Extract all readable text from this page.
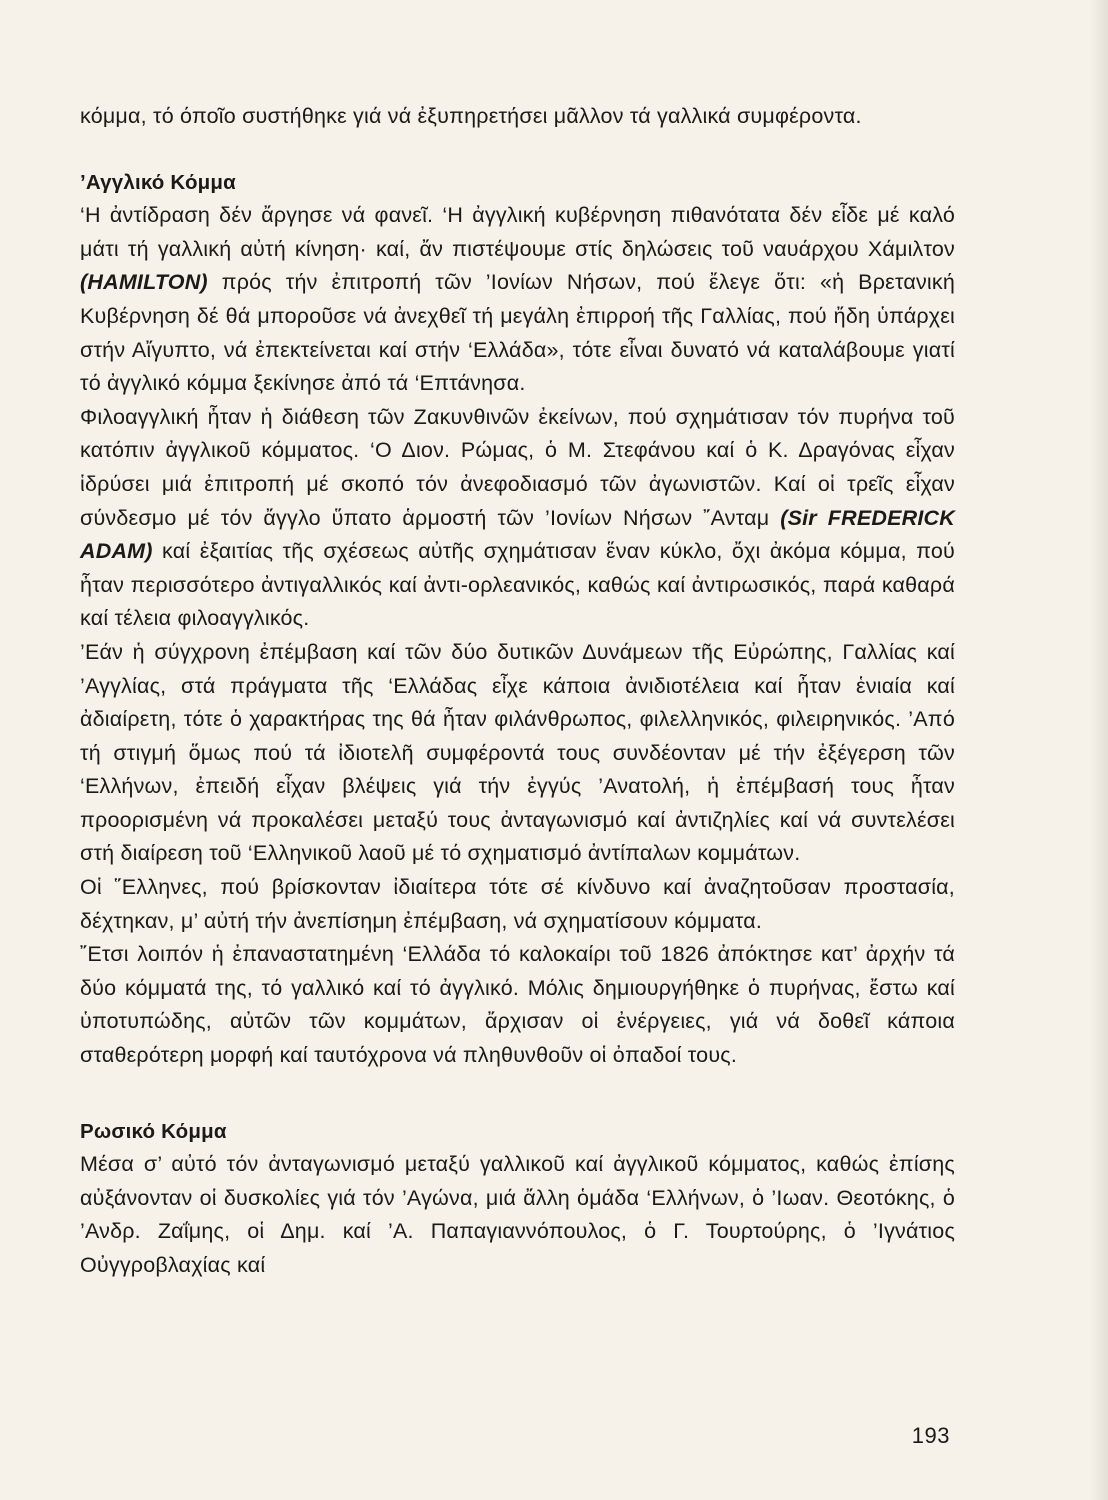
κόμμα, τό όποῖο συστήθηκε γιά νά ἐξυπηρετήσει μᾶλλον τά γαλλικά συμφέροντα.

’Αγγλικό Κόμμα

‘Η ἀντίδραση δέν ἄργησε νά φανεῖ. ‘Η ἀγγλική κυβέρνηση πιθανότατα δέν εἶδε μέ καλό μάτι τή γαλλική αὐτή κίνηση· καί, ἄν πιστέψουμε στίς δηλώσεις τοῦ ναυάρχου Χάμιλτον (HAMILTON) πρός τήν ἐπιτροπή τῶν ’Ιονίων Νήσων, πού ἔλεγε ὅτι: «ἡ Βρετανική Κυβέρνηση δέ θά μποροῦσε νά ἀνεχθεῖ τή μεγάλη ἐπιρροή τῆς Γαλλίας, πού ἤδη ὑπάρχει στήν Αἴγυπτο, νά ἐπεκτείνεται καί στήν ‘Ελλάδα», τότε εἶναι δυνατό νά καταλάβουμε γιατί τό ἀγγλικό κόμμα ξεκίνησε ἀπό τά ‘Επτάνησα.

Φιλοαγγλική ἦταν ἡ διάθεση τῶν Ζακυνθινῶν ἐκείνων, πού σχημάτισαν τόν πυρήνα τοῦ κατόπιν ἀγγλικοῦ κόμματος. ‘Ο Διον. Ρώμας, ὁ Μ. Στεφάνου καί ὁ Κ. Δραγόνας εἶχαν ἱδρύσει μιά ἐπιτροπή μέ σκοπό τόν ἀνεφοδιασμό τῶν ἀγωνιστῶν. Καί οἱ τρεῖς εἶχαν σύνδεσμο μέ τόν ἄγγλο ὕπατο ἁρμοστή τῶν ’Ιονίων Νήσων ῎Ανταμ (Sir FREDERICK ADAM) καί ἐξαιτίας τῆς σχέσεως αὐτῆς σχημάτισαν ἕναν κύκλο, ὄχι ἀκόμα κόμμα, πού ἦταν περισσότερο ἀντιγαλλικός καί ἀντι-ορλεανικός, καθώς καί ἀντιρωσικός, παρά καθαρά καί τέλεια φιλοαγγλικός.

’Εάν ἡ σύγχρονη ἐπέμβαση καί τῶν δύο δυτικῶν Δυνάμεων τῆς Εὐρώπης, Γαλλίας καί ’Αγγλίας, στά πράγματα τῆς ‘Ελλάδας εἶχε κάποια ἀνιδιοτέλεια καί ἦταν ἑνιαία καί ἀδιαίρετη, τότε ὁ χαρακτήρας της θά ἦταν φιλάνθρωπος, φιλελληνικός, φιλειρηνικός. ’Από τή στιγμή ὅμως πού τά ἰδιοτελῆ συμφέροντά τους συνδέονταν μέ τήν ἐξέγερση τῶν ‘Ελλήνων, ἐπειδή εἶχαν βλέψεις γιά τήν ἐγγύς ’Ανατολή, ἡ ἐπέμβασή τους ἦταν προορισμένη νά προκαλέσει μεταξύ τους ἀνταγωνισμό καί ἀντιζηλίες καί νά συντελέσει στή διαίρεση τοῦ ‘Ελληνικοῦ λαοῦ μέ τό σχηματισμό ἀντίπαλων κομμάτων.

Οἱ ῞Ελληνες, πού βρίσκονταν ἰδιαίτερα τότε σέ κίνδυνο καί ἀναζητοῦσαν προστασία, δέχτηκαν, μ’ αὐτή τήν ἀνεπίσημη ἐπέμβαση, νά σχηματίσουν κόμματα.

῎Ετσι λοιπόν ἡ ἐπαναστατημένη ‘Ελλάδα τό καλοκαίρι τοῦ 1826 ἀπόκτησε κατ’ ἀρχήν τά δύο κόμματά της, τό γαλλικό καί τό ἀγγλικό. Μόλις δημιουργήθηκε ὁ πυρήνας, ἔστω καί ὑποτυπώδης, αὐτῶν τῶν κομμάτων, ἄρχισαν οἱ ἐνέργειες, γιά νά δοθεῖ κάποια σταθερότερη μορφή καί ταυτόχρονα νά πληθυνθοῦν οἱ ὀπαδοί τους.

Ρωσικό Κόμμα

Μέσα σ’ αὐτό τόν ἀνταγωνισμό μεταξύ γαλλικοῦ καί ἀγγλικοῦ κόμματος, καθώς ἐπίσης αὐξάνονταν οἱ δυσκολίες γιά τόν ’Αγώνα, μιά ἄλλη ὁμάδα ‘Ελλήνων, ὁ ’Ιωαν. Θεοτόκης, ὁ ’Ανδρ. Ζαΐμης, οἱ Δημ. καί ’Α. Παπαγιαννόπουλος, ὁ Γ. Τουρτούρης, ὁ ’Ιγνάτιος Οὐγγροβλαχίας καί

193
